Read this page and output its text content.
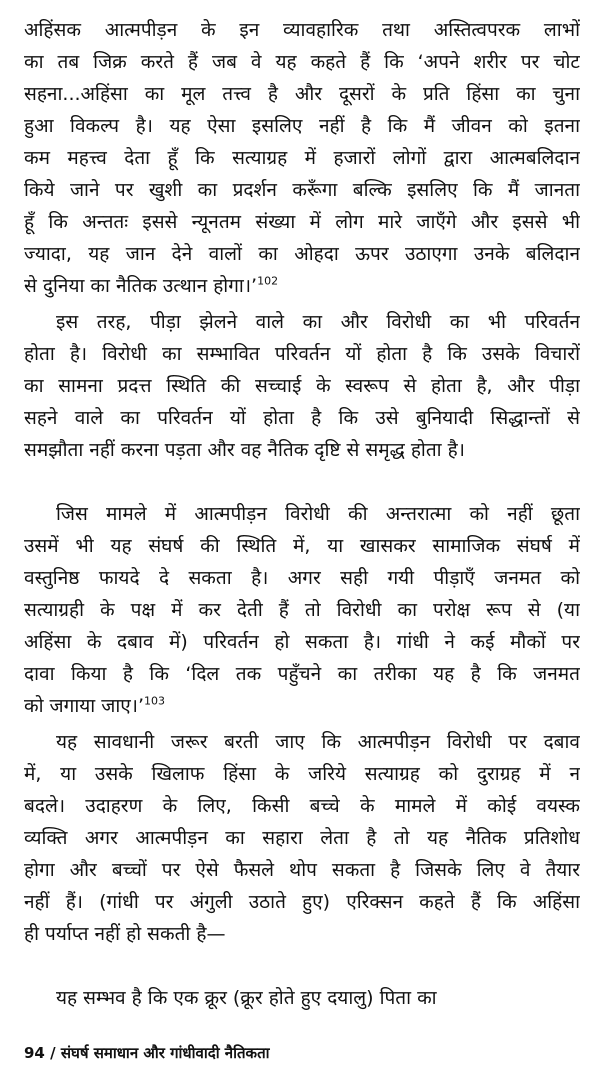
अहिंसक आत्मपीड़न के इन व्यावहारिक तथा अस्तित्वपरक लाभों
का तब जिक्र करते हैं जब वे यह कहते हैं कि ‘अपने शरीर पर चोट
सहना...अहिंसा का मूल तत्त्व है और दूसरों के प्रति हिंसा का चुना
हुआ विकल्प है। यह ऐसा इसलिए नहीं है कि मैं जीवन को इतना
कम महत्त्व देता हूँ कि सत्याग्रह में हजारों लोगों द्वारा आत्मबलिदान
किये जाने पर खुशी का प्रदर्शन करूँगा बल्कि इसलिए कि मैं जानता
हूँ कि अन्ततः इससे न्यूनतम संख्या में लोग मारे जाएँगे और इससे भी
ज्यादा, यह जान देने वालों का ओहदा ऊपर उठाएगा उनके बलिदान
से दुनिया का नैतिक उत्थान होगा।’$^{102}$
इस तरह, पीड़ा झेलने वाले का और विरोधी का भी परिवर्तन
होता है। विरोधी का सम्भावित परिवर्तन यों होता है कि उसके विचारों
का सामना प्रदत्त स्थिति की सच्चाई के स्वरूप से होता है, और पीड़ा
सहने वाले का परिवर्तन यों होता है कि उसे बुनियादी सिद्धान्तों से
समझौता नहीं करना पड़ता और वह नैतिक दृष्टि से समृद्ध होता है।
जिस मामले में आत्मपीड़न विरोधी की अन्तरात्मा को नहीं छूता
उसमें भी यह संघर्ष की स्थिति में, या खासकर सामाजिक संघर्ष में
वस्तुनिष्ठ फायदे दे सकता है। अगर सही गयी पीड़ाएँ जनमत को
सत्याग्रही के पक्ष में कर देती हैं तो विरोधी का परोक्ष रूप से (या
अहिंसा के दबाव में) परिवर्तन हो सकता है। गांधी ने कई मौकों पर
दावा किया है कि ‘दिल तक पहुँचने का तरीका यह है कि जनमत
को जगाया जाए।’$^{103}$
यह सावधानी जरूर बरती जाए कि आत्मपीड़न विरोधी पर दबाव
में, या उसके खिलाफ हिंसा के जरिये सत्याग्रह को दुराग्रह में न
बदले। उदाहरण के लिए, किसी बच्चे के मामले में कोई वयस्क
व्यक्ति अगर आत्मपीड़न का सहारा लेता है तो यह नैतिक प्रतिशोध
होगा और बच्चों पर ऐसे फैसले थोप सकता है जिसके लिए वे तैयार
नहीं हैं। (गांधी पर अंगुली उठाते हुए) एरिक्सन कहते हैं कि अहिंसा
ही पर्याप्त नहीं हो सकती है—
यह सम्भव है कि एक क्रूर (क्रूर होते हुए दयालु) पिता का
94 / संघर्ष समाधान और गांधीवादी नैतिकता
